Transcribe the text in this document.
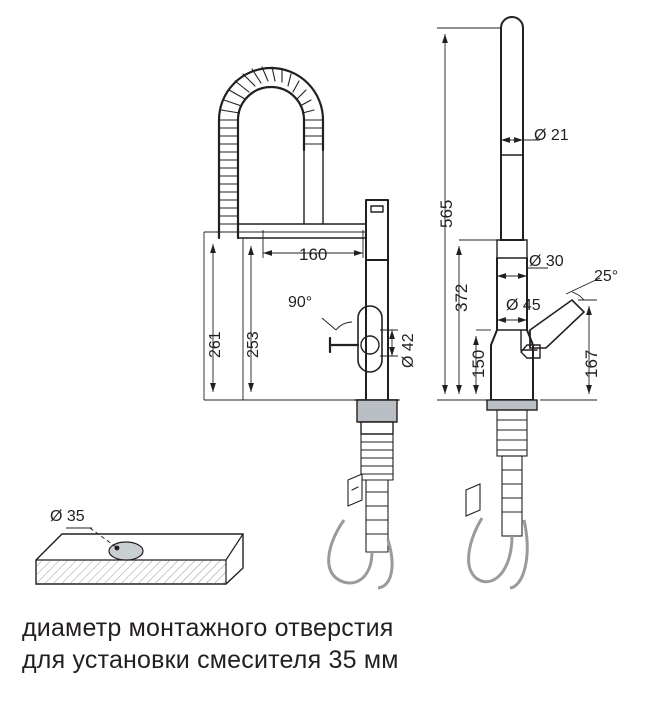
261 253
160
90°
Ø 42
565
372
150	167
Ø 21
Ø 30
Ø 45
25°
Ø 35
диаметр монтажного отверстия
для установки смесителя 35 мм
